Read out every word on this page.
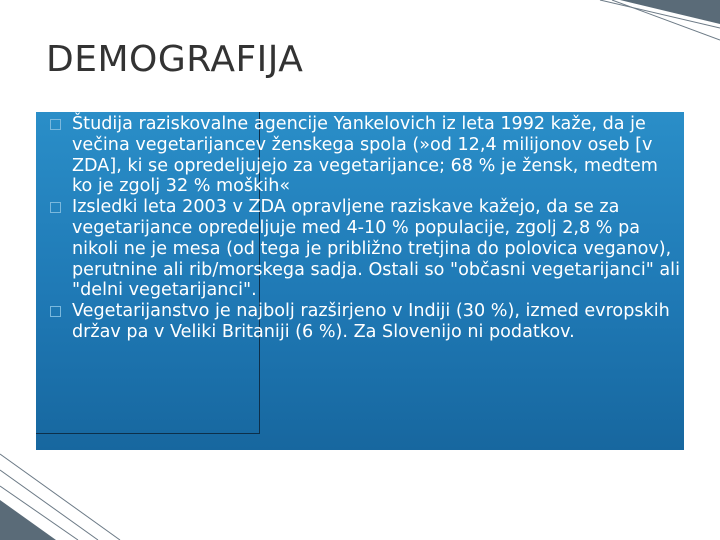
DEMOGRAFIJA
Študija raziskovalne agencije Yankelovich iz leta 1992 kaže, da je večina vegetarijancev ženskega spola (»od 12,4 milijonov oseb [v ZDA], ki se opredeljujejo za vegetarijance; 68 % je žensk, medtem ko je zgolj 32 % moških«
Izsledki leta 2003 v ZDA opravljene raziskave kažejo, da se za vegetarijance opredeljuje med 4-10 % populacije, zgolj 2,8 % pa nikoli ne je mesa (od tega je približno tretjina do polovica veganov), perutnine ali rib/morskega sadja. Ostali so "občasni vegetarijanci" ali "delni vegetarijanci".
Vegetarijanstvo je najbolj razširjeno v Indiji (30 %), izmed evropskih držav pa v Veliki Britaniji (6 %). Za Slovenijo ni podatkov.
